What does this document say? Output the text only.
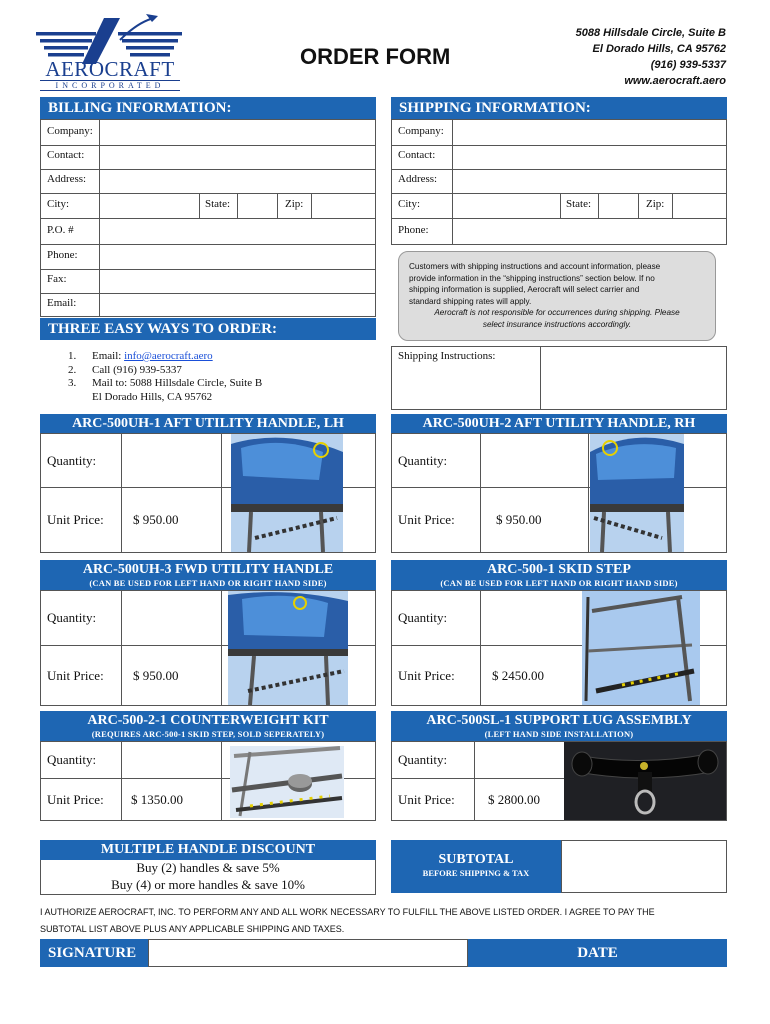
AEROCRAFT
INCORPORATED
ORDER FORM
5088 Hillsdale Circle, Suite B
El Dorado Hills, CA 95762
(916) 939-5337
www.aerocraft.aero
BILLING INFORMATION:
Company:
Contact:
Address:
City:	State:	Zip:
P.O. #
Phone:
Fax:
Email:
SHIPPING INFORMATION:
Company:
Contact:
Address:
City:	State:	Zip:
Phone:
Customers with shipping instructions and account information, please
provide information in the “shipping instructions” section below. If no
shipping information is supplied, Aerocraft will select carrier and
standard shipping rates will apply.
Aerocraft is not responsible for occurrences during shipping. Please
select insurance instructions accordingly.
Shipping Instructions:
THREE EASY WAYS TO ORDER:
1. Email: info@aerocraft.aero
2. Call (916) 939-5337
3. Mail to: 5088 Hillsdale Circle, Suite B
El Dorado Hills, CA 95762
ARC-500UH-1 AFT UTILITY HANDLE, LH
Quantity:
Unit Price: $ 950.00
ARC-500UH-2 AFT UTILITY HANDLE, RH
Quantity:
Unit Price:	$ 950.00
ARC-500UH-3 FWD UTILITY HANDLE
(CAN BE USED FOR LEFT HAND OR RIGHT HAND SIDE)
Quantity:
Unit Price: $ 950.00
ARC-500-1 SKID STEP
(CAN BE USED FOR LEFT HAND OR RIGHT HAND SIDE)
Quantity:
Unit Price:	$ 2450.00
ARC-500-2-1 COUNTERWEIGHT KIT
(REQUIRES ARC-500-1 SKID STEP, SOLD SEPERATELY)
Quantity:
Unit Price: $ 1350.00
ARC-500SL-1 SUPPORT LUG ASSEMBLY
(LEFT HAND SIDE INSTALLATION)
Quantity:
Unit Price:	$ 2800.00
MULTIPLE HANDLE DISCOUNT
Buy (2) handles & save 5%
Buy (4) or more handles & save 10%
SUBTOTAL
BEFORE SHIPPING & TAX
I AUTHORIZE AEROCRAFT, INC. TO PERFORM ANY AND ALL WORK NECESSARY TO FULFILL THE ABOVE LISTED ORDER. I AGREE TO PAY THE
SUBTOTAL LIST ABOVE PLUS ANY APPLICABLE SHIPPING AND TAXES.
SIGNATURE	DATE
